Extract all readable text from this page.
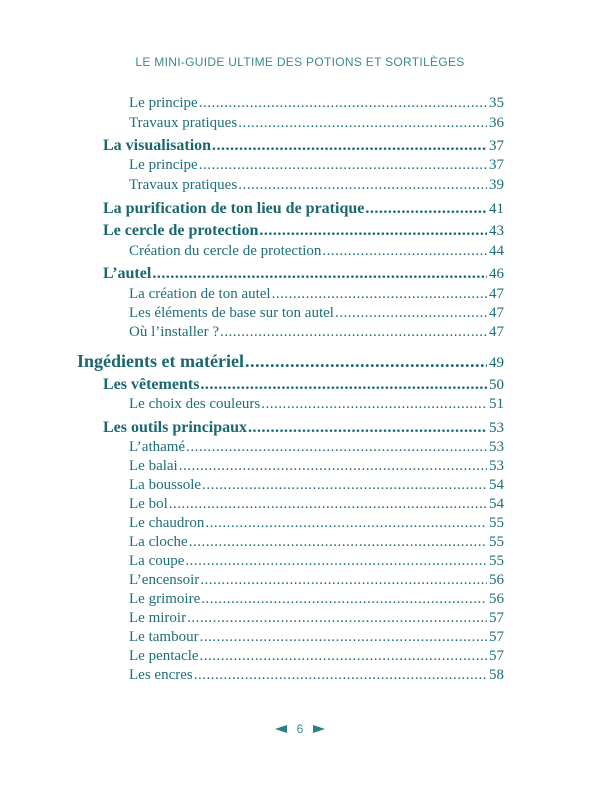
LE MINI-GUIDE ULTIME DES POTIONS ET SORTILÈGES
Le principe .....	35
Travaux pratiques .....	36
La visualisation .....	37
Le principe .....	37
Travaux pratiques .....	39
La purification de ton lieu de pratique .....	41
Le cercle de protection .....	43
Création du cercle de protection .....	44
L’autel .....	46
La création de ton autel .....	47
Les éléments de base sur ton autel .....	47
Où l’installer ? .....	47
Ingédients et matériel .....	49
Les vêtements .....	50
Le choix des couleurs .....	51
Les outils principaux .....	53
L’athamé .....	53
Le balai .....	53
La boussole .....	54
Le bol .....	54
Le chaudron .....	55
La cloche .....	55
La coupe .....	55
L’encensoir .....	56
Le grimoire .....	56
Le miroir .....	57
Le tambour .....	57
Le pentacle .....	57
Les encres .....	58
6
